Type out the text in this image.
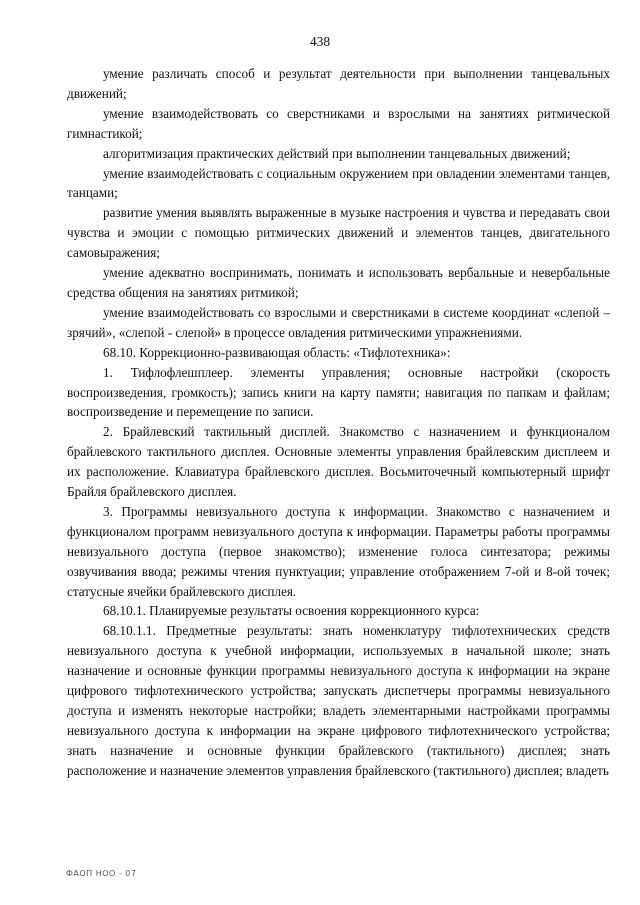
438

умение различать способ и результат деятельности при выполнении танцевальных движений;

умение взаимодействовать со сверстниками и взрослыми на занятиях ритмической гимнастикой;

алгоритмизация практических действий при выполнении танцевальных движений;

умение взаимодействовать с социальным окружением при овладении элементами танцев, танцами;

развитие умения выявлять выраженные в музыке настроения и чувства и передавать свои чувства и эмоции с помощью ритмических движений и элементов танцев, двигательного самовыражения;

умение адекватно воспринимать, понимать и использовать вербальные и невербальные средства общения на занятиях ритмикой;

умение взаимодействовать со взрослыми и сверстниками в системе координат «слепой – зрячий», «слепой - слепой» в процессе овладения ритмическими упражнениями.

68.10. Коррекционно-развивающая область: «Тифлотехника»:

1. Тифлофлешплеер. элементы управления; основные настройки (скорость воспроизведения, громкость); запись книги на карту памяти; навигация по папкам и файлам; воспроизведение и перемещение по записи.

2. Брайлевский тактильный дисплей. Знакомство с назначением и функционалом брайлевского тактильного дисплея. Основные элементы управления брайлевским дисплеем и их расположение. Клавиатура брайлевского дисплея. Восьмиточечный компьютерный шрифт Брайля брайлевского дисплея.

3. Программы невизуального доступа к информации. Знакомство с назначением и функционалом программ невизуального доступа к информации. Параметры работы программы невизуального доступа (первое знакомство); изменение голоса синтезатора; режимы озвучивания ввода; режимы чтения пунктуации; управление отображением 7-ой и 8-ой точек; статусные ячейки брайлевского дисплея.

68.10.1. Планируемые результаты освоения коррекционного курса:

68.10.1.1. Предметные результаты: знать номенклатуру тифлотехнических средств невизуального доступа к учебной информации, используемых в начальной школе; знать назначение и основные функции программы невизуального доступа к информации на экране цифрового тифлотехнического устройства; запускать диспетчеры программы невизуального доступа и изменять некоторые настройки; владеть элементарными настройками программы невизуального доступа к информации на экране цифрового тифлотехнического устройства; знать назначение и основные функции брайлевского (тактильного) дисплея; знать расположение и назначение элементов управления брайлевского (тактильного) дисплея; владеть

ФАОП НОО - 07
